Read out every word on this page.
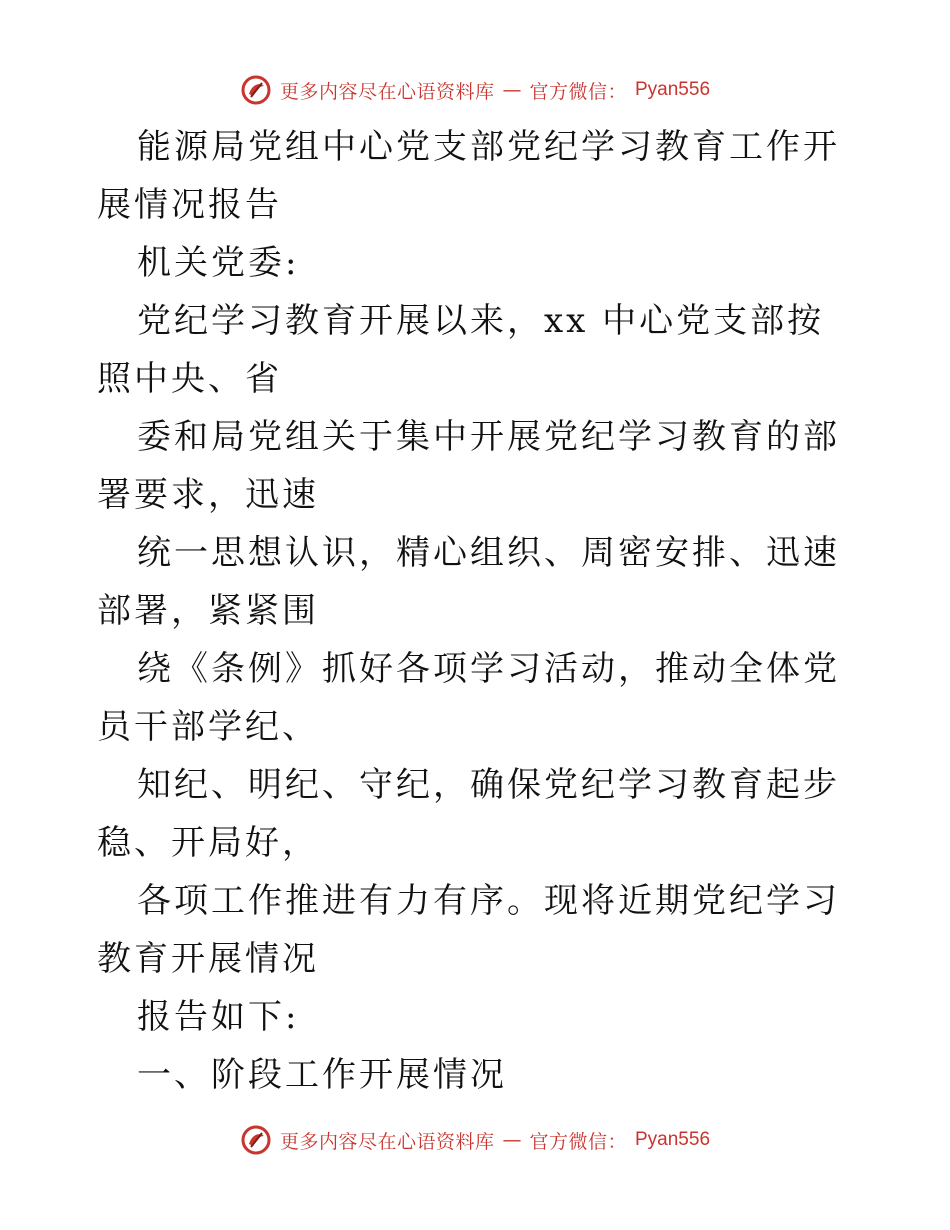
更多内容尽在心语资料库 — 官方微信： Pyan556

能源局党组中心党支部党纪学习教育工作开展情况报告

机关党委:

党纪学习教育开展以来，xx 中心党支部按照中央、省

委和局党组关于集中开展党纪学习教育的部署要求，迅速

统一思想认识，精心组织、周密安排、迅速部署，紧紧围

绕《条例》抓好各项学习活动，推动全体党员干部学纪、

知纪、明纪、守纪，确保党纪学习教育起步稳、开局好，

各项工作推进有力有序。现将近期党纪学习教育开展情况

报告如下:

一、阶段工作开展情况

更多内容尽在心语资料库 — 官方微信： Pyan556
